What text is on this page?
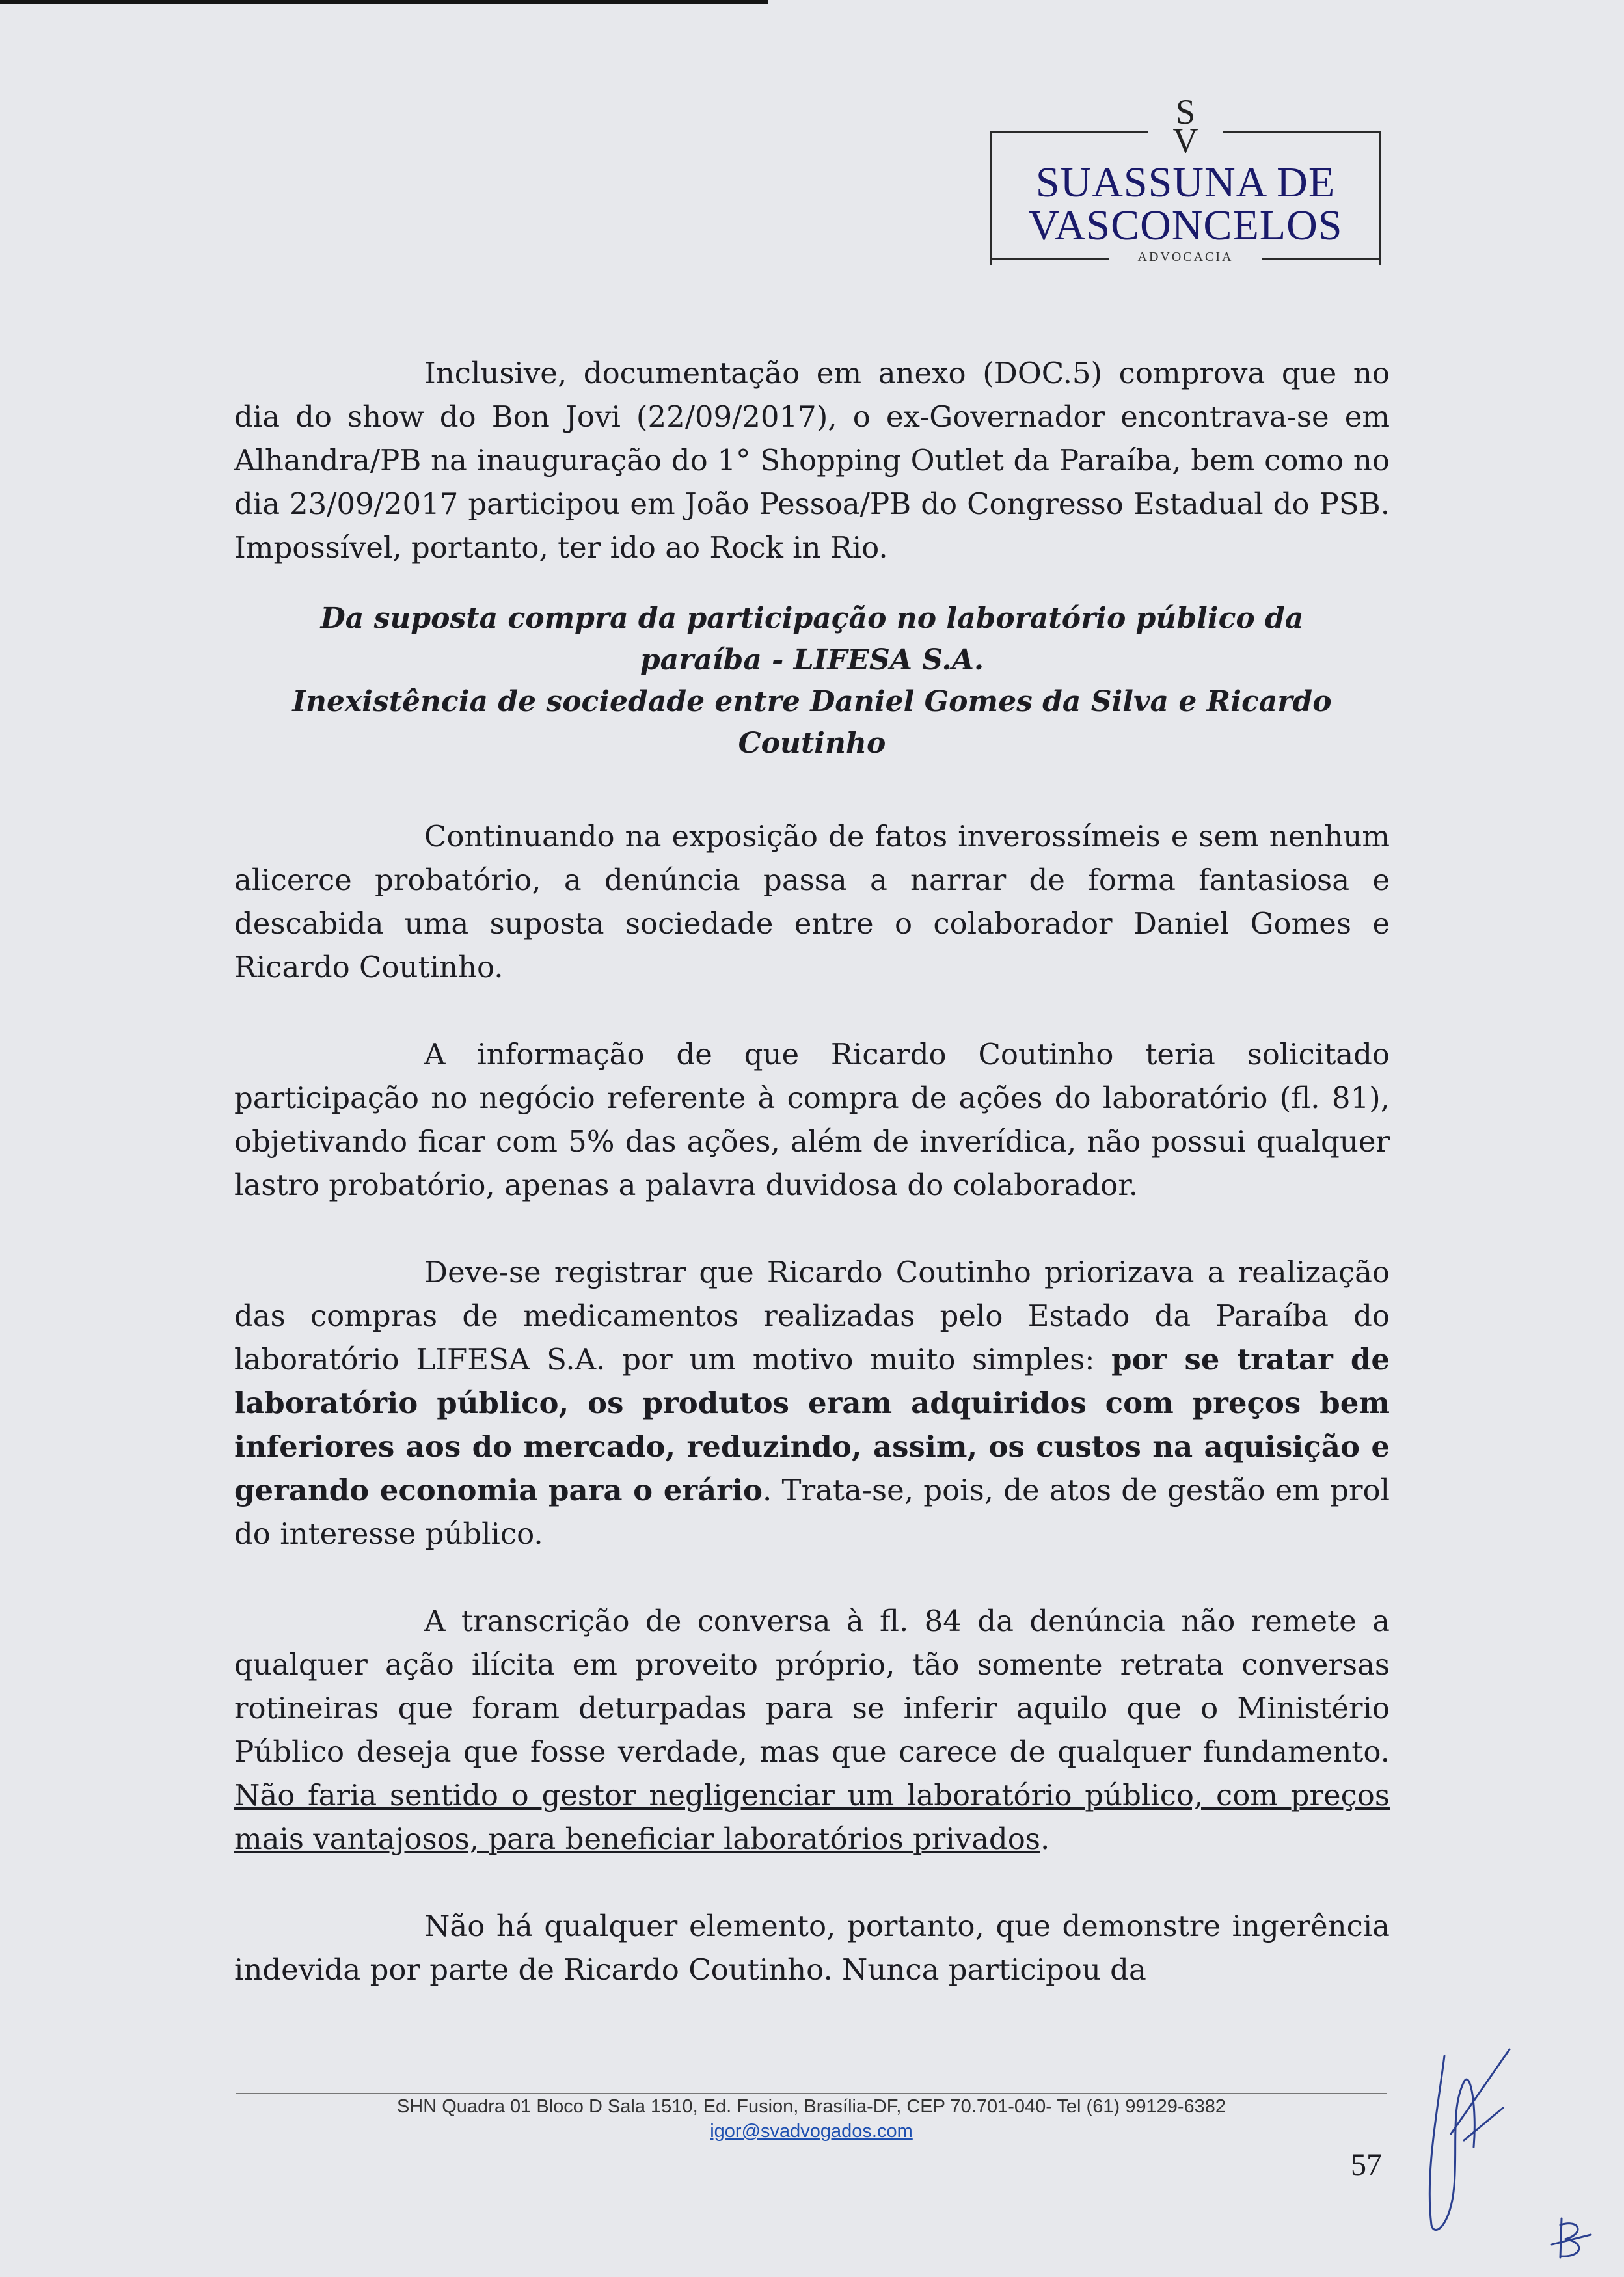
S
V
SUASSUNA DE
VASCONCELOS
ADVOCACIA

Inclusive, documentação em anexo (DOC.5) comprova que no dia do show do Bon Jovi (22/09/2017), o ex-Governador encontrava-se em Alhandra/PB na inauguração do 1° Shopping Outlet da Paraíba, bem como no dia 23/09/2017 participou em João Pessoa/PB do Congresso Estadual do PSB. Impossível, portanto, ter ido ao Rock in Rio.

Da suposta compra da participação no laboratório público da
paraíba - LIFESA S.A.
Inexistência de sociedade entre Daniel Gomes da Silva e Ricardo
Coutinho

Continuando na exposição de fatos inverossímeis e sem nenhum alicerce probatório, a denúncia passa a narrar de forma fantasiosa e descabida uma suposta sociedade entre o colaborador Daniel Gomes e Ricardo Coutinho.

A informação de que Ricardo Coutinho teria solicitado participação no negócio referente à compra de ações do laboratório (fl. 81), objetivando ficar com 5% das ações, além de inverídica, não possui qualquer lastro probatório, apenas a palavra duvidosa do colaborador.

Deve-se registrar que Ricardo Coutinho priorizava a realização das compras de medicamentos realizadas pelo Estado da Paraíba do laboratório LIFESA S.A. por um motivo muito simples: por se tratar de laboratório público, os produtos eram adquiridos com preços bem inferiores aos do mercado, reduzindo, assim, os custos na aquisição e gerando economia para o erário. Trata-se, pois, de atos de gestão em prol do interesse público.

A transcrição de conversa à fl. 84 da denúncia não remete a qualquer ação ilícita em proveito próprio, tão somente retrata conversas rotineiras que foram deturpadas para se inferir aquilo que o Ministério Público deseja que fosse verdade, mas que carece de qualquer fundamento. Não faria sentido o gestor negligenciar um laboratório público, com preços mais vantajosos, para beneficiar laboratórios privados.

Não há qualquer elemento, portanto, que demonstre ingerência indevida por parte de Ricardo Coutinho. Nunca participou da

SHN Quadra 01 Bloco D Sala 1510, Ed. Fusion, Brasília-DF, CEP 70.701-040- Tel (61) 99129-6382
igor@svadvogados.com
57
